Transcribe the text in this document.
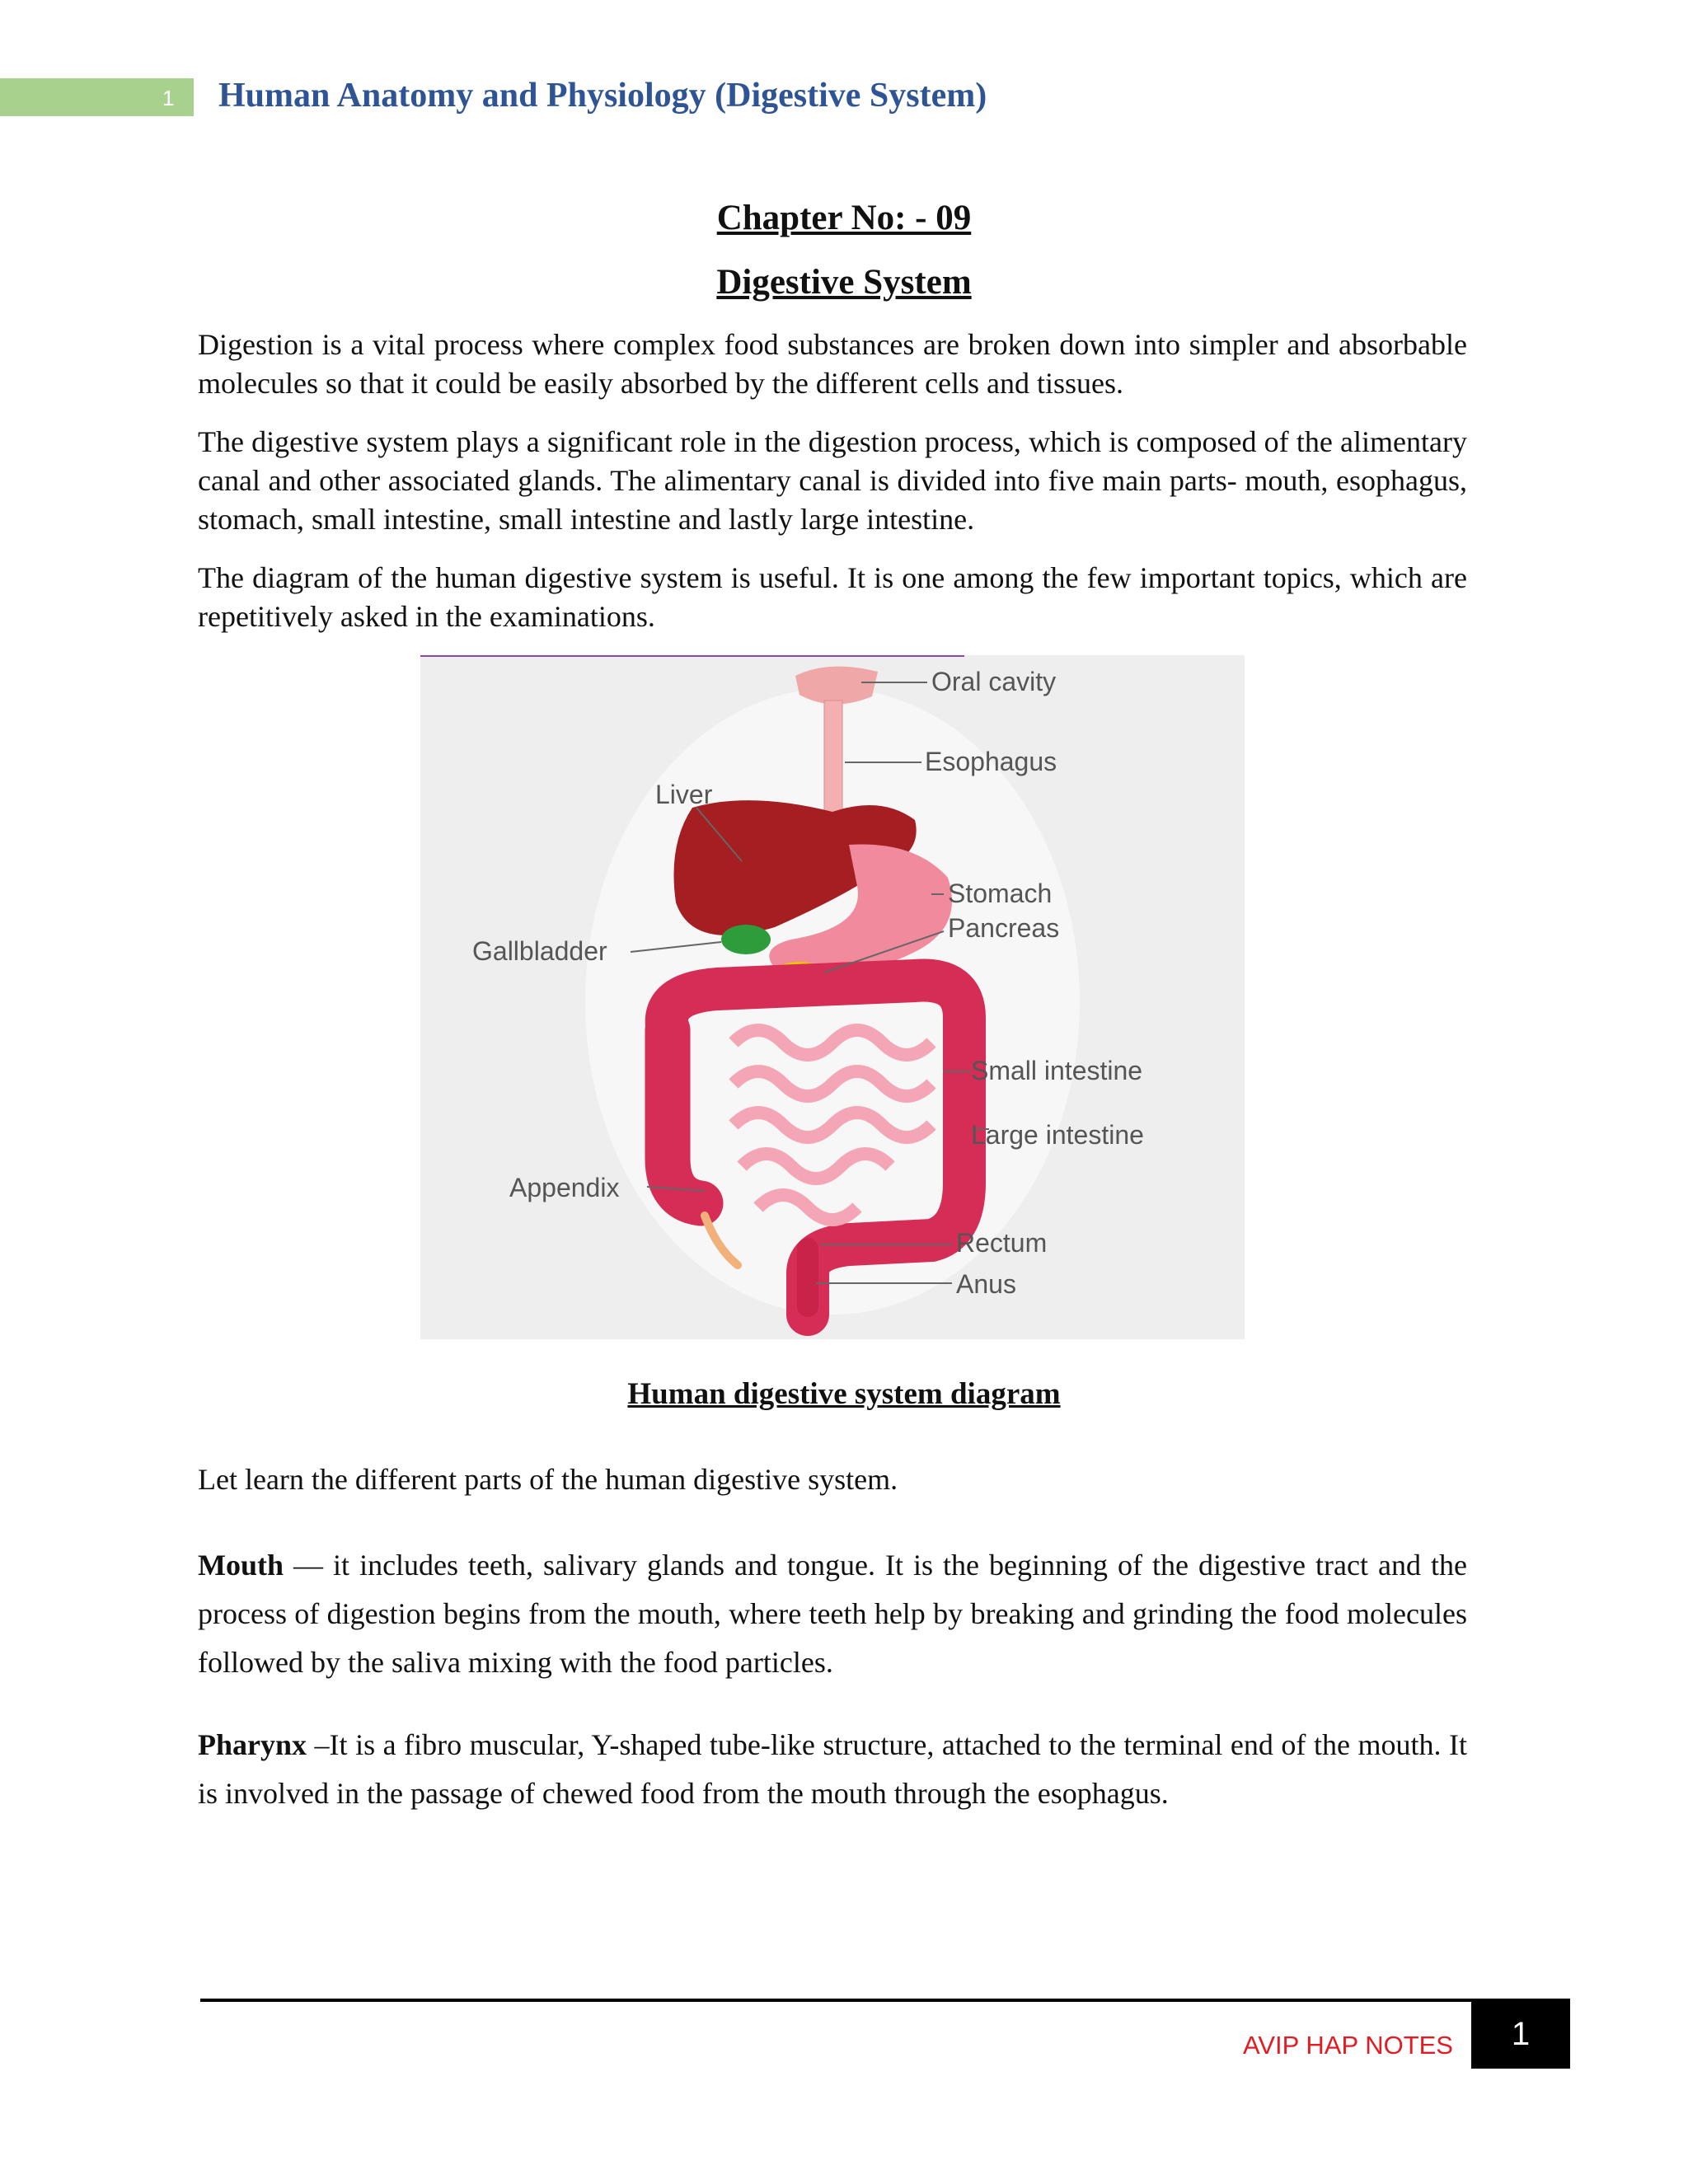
1 Human Anatomy and Physiology (Digestive System)
Chapter No: - 09
Digestive System

Digestion is a vital process where complex food substances are broken down into simpler and absorbable molecules so that it could be easily absorbed by the different cells and tissues.

The digestive system plays a significant role in the digestion process, which is composed of the alimentary canal and other associated glands. The alimentary canal is divided into five main parts- mouth, esophagus, stomach, small intestine, small intestine and lastly large intestine.

The diagram of the human digestive system is useful. It is one among the few important topics, which are repetitively asked in the examinations.

Oral cavity
Esophagus
Liver
Stomach
Pancreas
Gallbladder
Small intestine
Large intestine
Appendix
Rectum
Anus
Human digestive system diagram

Let learn the different parts of the human digestive system.

Mouth — it includes teeth, salivary glands and tongue. It is the beginning of the digestive tract and the process of digestion begins from the mouth, where teeth help by breaking and grinding the food molecules followed by the saliva mixing with the food particles.

Pharynx –It is a fibro muscular, Y-shaped tube-like structure, attached to the terminal end of the mouth. It is involved in the passage of chewed food from the mouth through the esophagus.

AVIP HAP NOTES	1
